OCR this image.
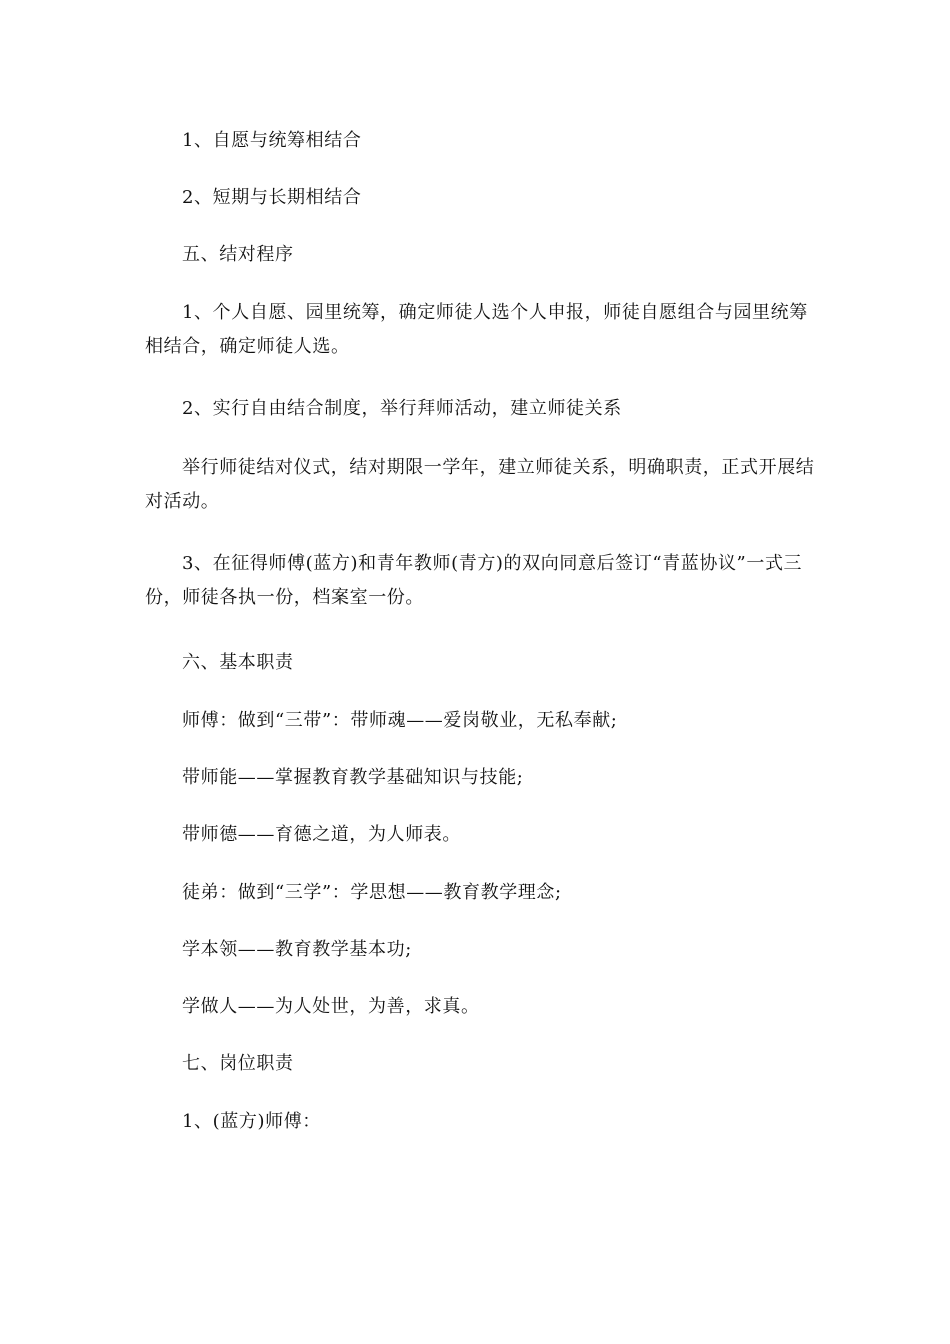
1、自愿与统筹相结合

2、短期与长期相结合

五、结对程序

1、个人自愿、园里统筹，确定师徒人选个人申报，师徒自愿组合与园里统筹相结合，确定师徒人选。

2、实行自由结合制度，举行拜师活动，建立师徒关系

举行师徒结对仪式，结对期限一学年，建立师徒关系，明确职责，正式开展结对活动。

3、在征得师傅(蓝方)和青年教师(青方)的双向同意后签订“青蓝协议”一式三份，师徒各执一份，档案室一份。

六、基本职责

师傅：做到“三带”：带师魂——爱岗敬业，无私奉献;

带师能——掌握教育教学基础知识与技能;

带师德——育德之道，为人师表。

徒弟：做到“三学”：学思想——教育教学理念;

学本领——教育教学基本功;

学做人——为人处世，为善，求真。

七、岗位职责

1、(蓝方)师傅：
